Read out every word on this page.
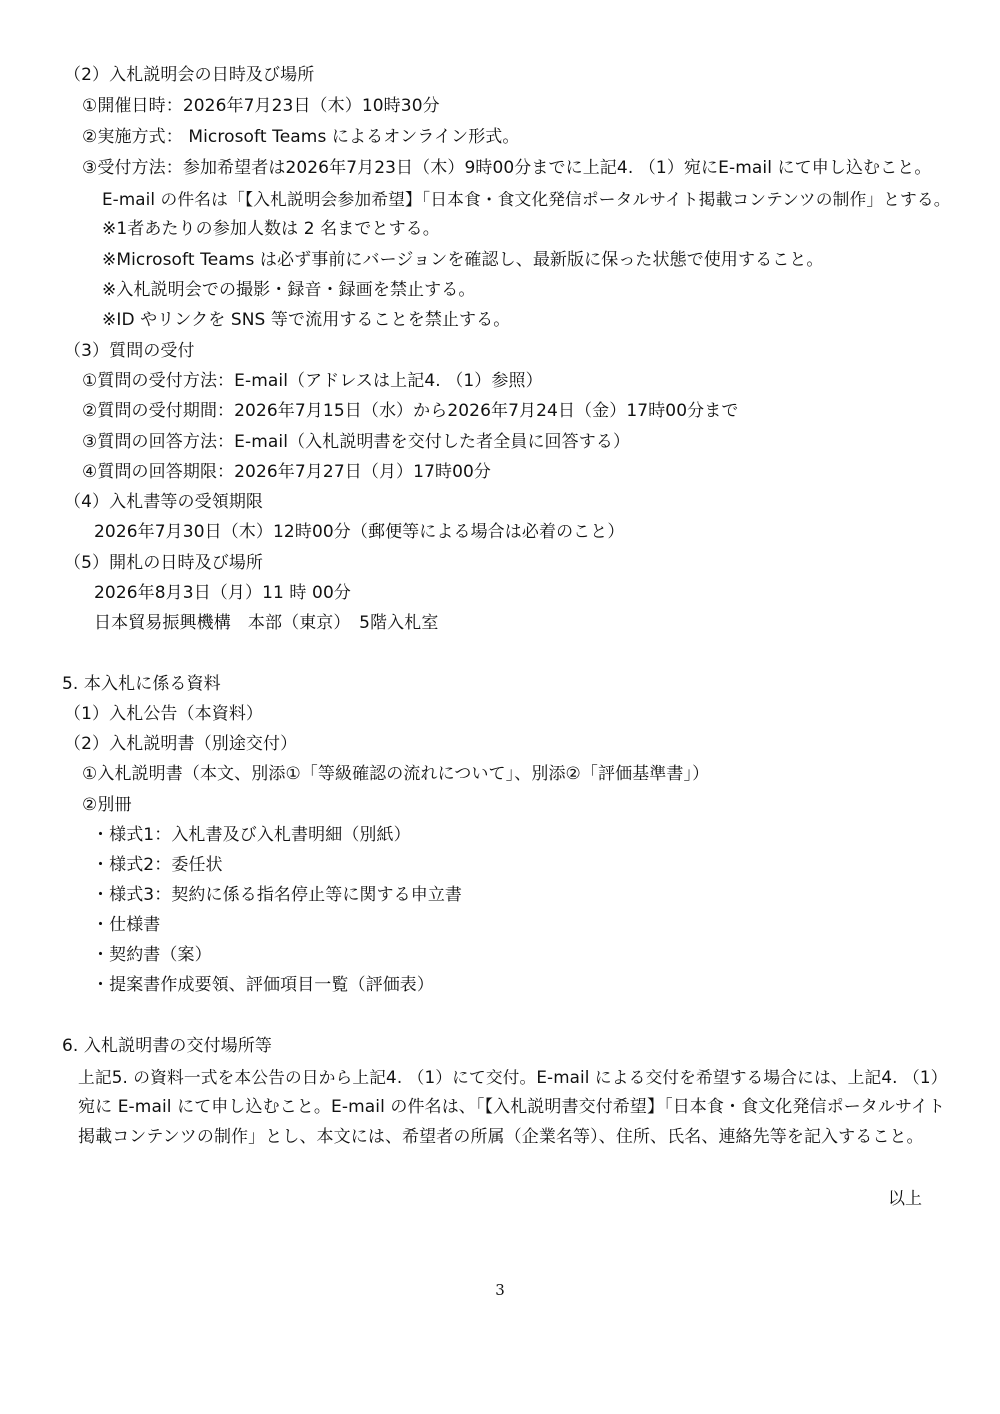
（2）入札説明会の日時及び場所
①開催日時：2026年7月23日（木）10時30分
②実施方式： Microsoft Teams によるオンライン形式。
③受付方法：参加希望者は2026年7月23日（木）9時00分までに上記4. （1）宛にE-mail にて申し込むこと。
E-mail の件名は「【入札説明会参加希望】「日本食・食文化発信ポータルサイト掲載コンテンツの制作」とする。
※1者あたりの参加人数は 2 名までとする。
※Microsoft Teams は必ず事前にバージョンを確認し、最新版に保った状態で使用すること。
※入札説明会での撮影・録音・録画を禁止する。
※ID やリンクを SNS 等で流用することを禁止する。
（3）質問の受付
①質問の受付方法：E-mail（アドレスは上記4. （1）参照）
②質問の受付期間：2026年7月15日（水）から2026年7月24日（金）17時00分まで
③質問の回答方法：E-mail（入札説明書を交付した者全員に回答する）
④質問の回答期限：2026年7月27日（月）17時00分
（4）入札書等の受領期限
2026年7月30日（木）12時00分（郵便等による場合は必着のこと）
（5）開札の日時及び場所
2026年8月3日（月）11 時 00分
日本貿易振興機構　本部（東京）　5階入札室
5. 本入札に係る資料
（1）入札公告（本資料）
（2）入札説明書（別途交付）
①入札説明書（本文、別添①「等級確認の流れについて」、別添②「評価基準書」）
②別冊
・様式1：入札書及び入札書明細（別紙）
・様式2：委任状
・様式3：契約に係る指名停止等に関する申立書
・仕様書
・契約書（案）
・提案書作成要領、評価項目一覧（評価表）
6. 入札説明書の交付場所等
上記5. の資料一式を本公告の日から上記4. （1）にて交付。E-mail による交付を希望する場合には、上記4. （1）
宛に E-mail にて申し込むこと。E-mail の件名は、「【入札説明書交付希望】「日本食・食文化発信ポータルサイト
掲載コンテンツの制作」とし、本文には、希望者の所属（企業名等）、住所、氏名、連絡先等を記入すること。
以上
3
